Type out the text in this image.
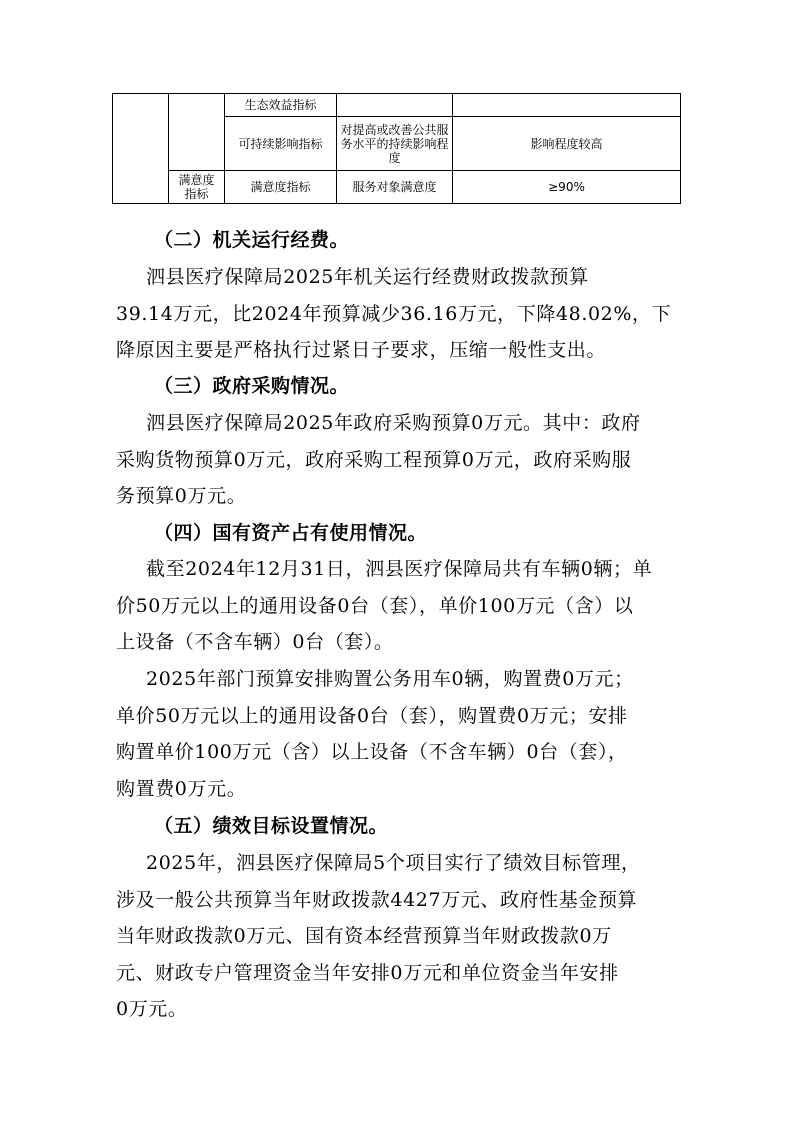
		生态效益指标		
		可持续影响指标	对提高或改善公共服务水平的持续影响程度	影响程度较高
	满意度指标	满意度指标	服务对象满意度	≥90%

（二）机关运行经费。

泗县医疗保障局2025年机关运行经费财政拨款预算
39.14万元，比2024年预算减少36.16万元，下降48.02%，下
降原因主要是严格执行过紧日子要求，压缩一般性支出。

（三）政府采购情况。

泗县医疗保障局2025年政府采购预算0万元。其中：政府
采购货物预算0万元，政府采购工程预算0万元，政府采购服
务预算0万元。

（四）国有资产占有使用情况。

截至2024年12月31日，泗县医疗保障局共有车辆0辆；单
价50万元以上的通用设备0台（套），单价100万元（含）以
上设备（不含车辆）0台（套）。

2025年部门预算安排购置公务用车0辆，购置费0万元；
单价50万元以上的通用设备0台（套），购置费0万元；安排
购置单价100万元（含）以上设备（不含车辆）0台（套），
购置费0万元。

（五）绩效目标设置情况。

2025年，泗县医疗保障局5个项目实行了绩效目标管理，
涉及一般公共预算当年财政拨款4427万元、政府性基金预算
当年财政拨款0万元、国有资本经营预算当年财政拨款0万
元、财政专户管理资金当年安排0万元和单位资金当年安排
0万元。
